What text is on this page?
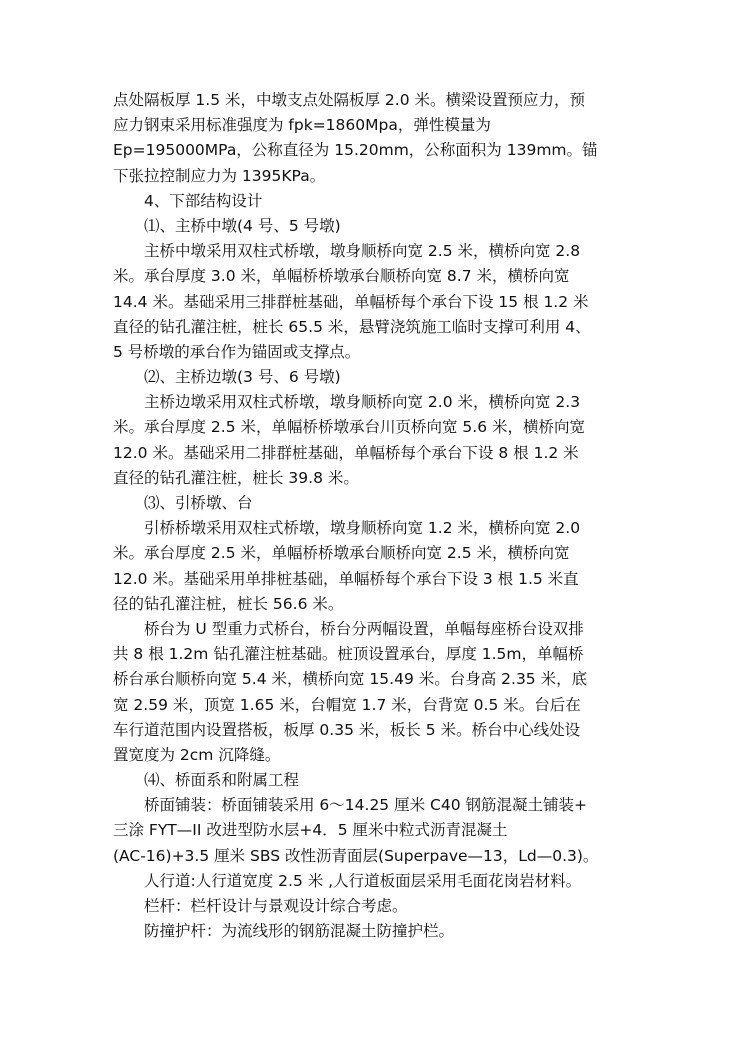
点处隔板厚 1.5 米，中墩支点处隔板厚 2.0 米。横梁设置预应力，预
应力钢束采用标准强度为 fpk=1860Mpa，弹性模量为
Ep=195000MPa，公称直径为 15.20mm，公称面积为 139mm。锚
下张拉控制应力为 1395KPa。
4、下部结构设计
⑴、主桥中墩(4 号、5 号墩)
主桥中墩采用双柱式桥墩，墩身顺桥向宽 2.5 米，横桥向宽 2.8
米。承台厚度 3.0 米，单幅桥桥墩承台顺桥向宽 8.7 米，横桥向宽
14.4 米。基础采用三排群桩基础，单幅桥每个承台下设 15 根 1.2 米
直径的钻孔灌注桩，桩长 65.5 米，悬臂浇筑施工临时支撑可利用 4、
5 号桥墩的承台作为锚固或支撑点。
⑵、主桥边墩(3 号、6 号墩)
主桥边墩采用双柱式桥墩，墩身顺桥向宽 2.0 米，横桥向宽 2.3
米。承台厚度 2.5 米，单幅桥桥墩承台川页桥向宽 5.6 米，横桥向宽
12.0 米。基础采用二排群桩基础，单幅桥每个承台下设 8 根 1.2 米
直径的钻孔灌注桩，桩长 39.8 米。
⑶、引桥墩、台
引桥桥墩采用双柱式桥墩，墩身顺桥向宽 1.2 米，横桥向宽 2.0
米。承台厚度 2.5 米，单幅桥桥墩承台顺桥向宽 2.5 米，横桥向宽
12.0 米。基础采用单排桩基础，单幅桥每个承台下设 3 根 1.5 米直
径的钻孔灌注桩，桩长 56.6 米。
桥台为 U 型重力式桥台，桥台分两幅设置，单幅每座桥台设双排
共 8 根 1.2m 钻孔灌注桩基础。桩顶设置承台，厚度 1.5m，单幅桥
桥台承台顺桥向宽 5.4 米，横桥向宽 15.49 米。台身高 2.35 米，底
宽 2.59 米，顶宽 1.65 米，台帽宽 1.7 米，台背宽 0.5 米。台后在
车行道范围内设置搭板，板厚 0.35 米，板长 5 米。桥台中心线处设
置宽度为 2cm 沉降缝。
⑷、桥面系和附属工程
桥面铺装：桥面铺装采用 6～14.25 厘米 C40 钢筋混凝土铺装+
三涂 FYT—II 改进型防水层+4．5 厘米中粒式沥青混凝土
(AC-16)+3.5 厘米 SBS 改性沥青面层(Superpave—13，Ld—0.3)。
人行道:人行道宽度 2.5 米 ,人行道板面层采用毛面花岗岩材料。
栏杆：栏杆设计与景观设计综合考虑。
防撞护杆：为流线形的钢筋混凝土防撞护栏。
